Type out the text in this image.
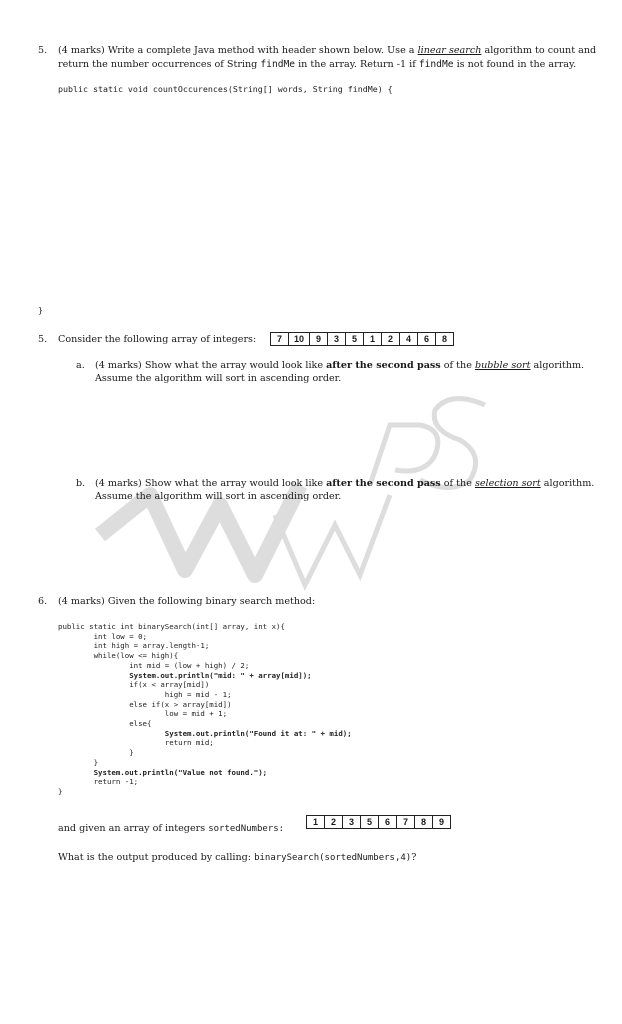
5. (4 marks) Write a complete Java method with header shown below. Use a linear search algorithm to count and
return the number occurrences of String findMe in the array. Return -1 if findMe is not found in the array.
public static void countOccurences(String[] words, String findMe) {
}
5. Consider the following array of integers:	7	10	9	3	5	1	2	4	6	8
a. (4 marks) Show what the array would look like after the second pass of the bubble sort algorithm.
Assume the algorithm will sort in ascending order.
b. (4 marks) Show what the array would look like after the second pass of the selection sort algorithm.
Assume the algorithm will sort in ascending order.
6. (4 marks) Given the following binary search method:
public static int binarySearch(int[] array, int x){
int low = 0;
int high = array.length-1;
while(low <= high){
int mid = (low + high) / 2;
System.out.println("mid: " + array[mid]);
if(x < array[mid])
high = mid - 1;
else if(x > array[mid])
low = mid + 1;
else{
System.out.println("Found it at: " + mid);
return mid;
}
}
System.out.println("Value not found.");
return -1;
}
and given an array of integers sortedNumbers:
1	2	3	5	6	7	8	9
What is the output produced by calling: binarySearch(sortedNumbers,4)?
